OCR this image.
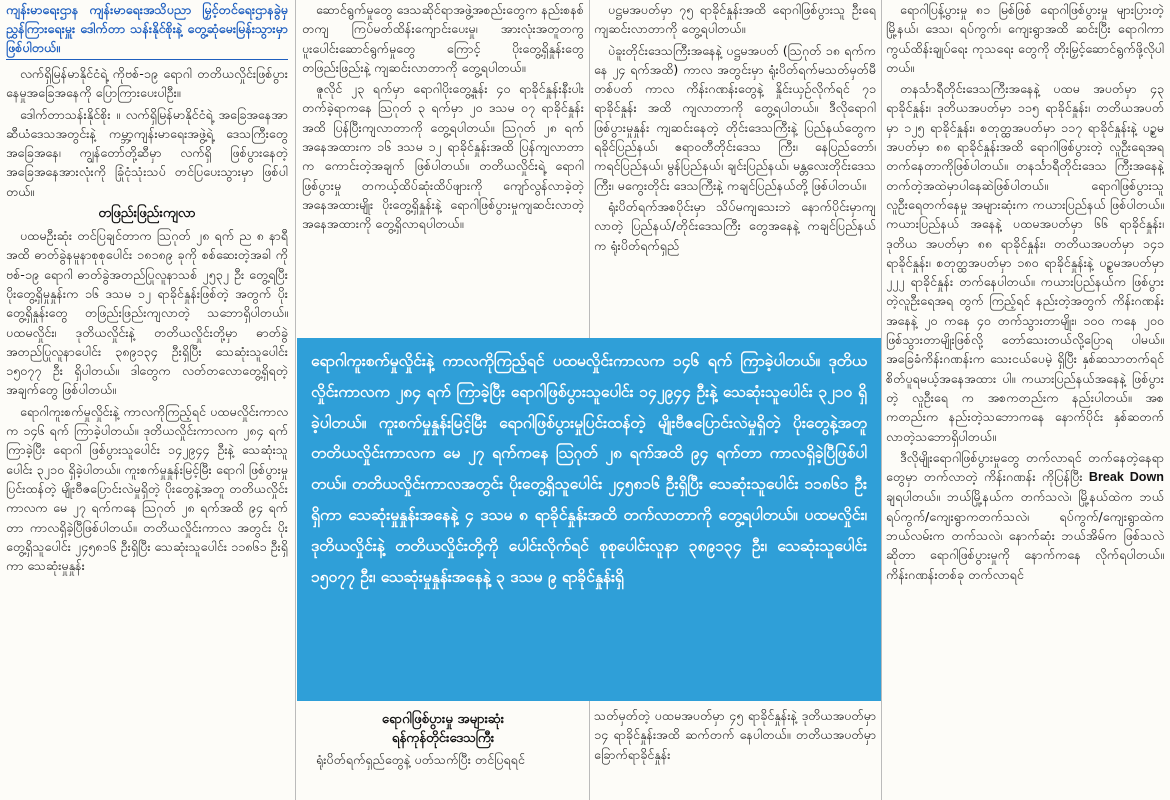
ကျန်းမာရေးဌာန ကျန်းမာရေးအသိပညာ မြှင့်တင်ရေးဌာနခွဲမှ ညွှန်ကြားရေးမှူး ဒေါက်တာ သန်းနိုင်စိုးနဲ့ တွေ့ဆုံမေးမြန်းသွားမှာ ဖြစ်ပါတယ်။

လက်ရှိမြန်မာနိုင်ငံရဲ့ ကိုဗစ်-၁၉ ရောဂါ တတိယလှိုင်းဖြစ်ပွားနေမှုအခြေအနေကို ပြောကြားပေးပါဦး။

ဒေါက်တာသန်းနိုင်စိုး ။ လက်ရှိမြန်မာနိုင်ငံရဲ့ အခြေအနေအာဆီယံဒေသအတွင်းနဲ့ ကမ္ဘာ့ကျန်းမာရေးအဖွဲ့ရဲ့ ဒေသကြီးတွေအခြေအနေ၊ ကျွန်တော်တို့ဆီမှာ လက်ရှိ ဖြစ်ပွားနေတဲ့ အခြေအနေအားလုံးကို ခြုံငုံသုံးသပ် တင်ပြပေးသွားမှာ ဖြစ်ပါတယ်။

တဖြည်းဖြည်းကျလာ

ပထမဦးဆုံး တင်ပြချင်တာက ဩဂုတ် ၂၈ ရက် ည ၈ နာရီအထိ ဓာတ်ခွဲနမူနာစုစုပေါင်း ၁၈၁၈၉ ခုကို စစ်ဆေးတဲ့အခါ ကိုဗစ်-၁၉ ရောဂါ ဓာတ်ခွဲအတည်ပြုလူနာသစ် ၂၅၃၂ ဦး တွေ့ရပြီး ပိုးတွေ့ရှိမှုနှုန်းက ၁၆ ဒသမ ၁၂ ရာခိုင်နှုန်းဖြစ်တဲ့ အတွက် ပိုးတွေ့ရှိနှုန်းတွေ တဖြည်းဖြည်းကျလာတဲ့ သဘောရှိပါတယ်။ ပထမလှိုင်း၊ ဒုတိယလှိုင်းနဲ့ တတိယလှိုင်းတို့မှာ ဓာတ်ခွဲအတည်ပြုလူနာပေါင်း ၃၈၉၁၃၄ ဦးရှိပြီး သေဆုံးသူပေါင်း ၁၅၀၇၇ ဦး ရှိပါတယ်။ ဒါတွေက လတ်တလောတွေ့ရှိရတဲ့ အချက်တွေ ဖြစ်ပါတယ်။

ရောဂါကူးစက်မှုလှိုင်းနဲ့ ကာလကိုကြည့်ရင် ပထမလှိုင်းကာလက ၁၄၆ ရက် ကြာခဲ့ပါတယ်။ ဒုတိယလှိုင်းကာလက ၂၈၄ ရက် ကြာခဲ့ပြီး ရောဂါ ဖြစ်ပွားသူပေါင်း ၁၄၂၉၄၄ ဦးနဲ့ သေဆုံးသူပေါင်း ၃၂၁၀ ရှိခဲ့ပါတယ်။ ကူးစက်မှုနှုန်းမြင့်မြီး ရောဂါ ဖြစ်ပွားမှုပြင်းထန်တဲ့ မျိုးဗီဇပြောင်းလဲမှုရှိတဲ့ ပိုးတွေနဲ့အတူ တတိယလှိုင်းကာလက မေ ၂၇ ရက်ကနေ ဩဂုတ် ၂၈ ရက်အထိ ၉၄ ရက်တာ ကာလရှိခဲ့ပြီဖြစ်ပါတယ်။ တတိယလှိုင်းကာလ အတွင်း ပိုးတွေ့ရှိသူပေါင်း ၂၄၅၈၁၆ ဦးရှိပြီး သေဆုံးသူပေါင်း ၁၁၈၆၁ ဦးရှိကာ သေဆုံးမှုနှုန်း

ဆောင်ရွက်မှုတွေ ဒေသဆိုင်ရာအဖွဲ့အစည်းတွေက နည်းစနစ်တကျ ကြပ်မတ်ထိန်းကျောင်းပေးမှု၊ အားလုံးအတူတကွ ပူးပေါင်းဆောင်ရွက်မှုတွေ ကြောင့် ပိုးတွေ့ရှိနှုန်းတွေ တဖြည်းဖြည်းနဲ့ ကျဆင်းလာတာကို တွေ့ရပါတယ်။

ဇူလိုင် ၂၃ ရက်မှာ ရောဂါပိုးတွေ့နှုန်း ၄၀ ရာခိုင်နှုန်းနီးပါး တက်ခဲ့ရာကနေ ဩဂုတ် ၃ ရက်မှာ ၂၀ ဒသမ ၀၇ ရာခိုင်နှုန်းအထိ ပြန်ပြီးကျလာတာကို တွေ့ရပါတယ်။ ဩဂုတ် ၂၈ ရက် အနေအထားက ၁၆ ဒသမ ၁၂ ရာခိုင်နှုန်းအထိ ပြန်ကျလာတာက ကောင်းတဲ့အချက် ဖြစ်ပါတယ်။ တတိယလှိုင်းရဲ့ ရောဂါဖြစ်ပွားမှု တကယ့်ထိပ်ဆုံးထိပ်ဖျားကို ကျော်လွန်လာခဲ့တဲ့ အနေအထားမျိုး ပိုးတွေ့ရှိနှုန်းနဲ့ ရောဂါဖြစ်ပွားမှုကျဆင်းလာတဲ့ အနေအထားကို တွေ့ရှိလာရပါတယ်။

ပဋ္ဌမအပတ်မှာ ၇၅ ရာခိုင်နှုန်းအထိ ရောဂါဖြစ်ပွားသူ ဦးရေ ကျဆင်းလာတာကို တွေ့ရပါတယ်။

ပဲခူးတိုင်းဒေသကြီးအနေနဲ့ ပဋ္ဌမအပတ် (ဩဂုတ် ၁၈ ရက်ကနေ ၂၄ ရက်အထိ) ကာလ အတွင်းမှာ ရုံးပိတ်ရက်မသတ်မှတ်မီ တစ်ပတ် ကာလ ကိန်းဂဏန်းတွေနဲ့ နှိုင်းယှဉ်လိုက်ရင် ၇၁ ရာခိုင်နှုန်း အထိ ကျလာတာကို တွေ့ရပါတယ်။ ဒီလိုရောဂါ ဖြစ်ပွားမှုနှုန်း ကျဆင်းနေတဲ့ တိုင်းဒေသကြီးနဲ့ ပြည်နယ်တွေက ရခိုင်ပြည်နယ်၊ ဧရာဝတီတိုင်းဒေသ ကြီး၊ နေပြည်တော်၊ ကရင်ပြည်နယ်၊ မွန်ပြည်နယ်၊ ချင်းပြည်နယ်၊ မန္တလေးတိုင်းဒေသကြီး၊ မကွေးတိုင်း ဒေသကြီးနဲ့ ကချင်ပြည်နယ်တို့ ဖြစ်ပါတယ်။

ရုံးပိတ်ရက်အစပိုင်းမှာ သိပ်မကျသေးဘဲ နောက်ပိုင်းမှာကျလာတဲ့ ပြည်နယ်/တိုင်းဒေသကြီး တွေအနေနဲ့ ကချင်ပြည်နယ်က ရုံးပိတ်ရက်ရှည်

ရောဂါပြန့်ပွားမှု ၈၁ မြစ်ဖြစ် ရောဂါဖြစ်ပွားမှု များပြားတဲ့ မြို့နယ်၊ ဒေသ၊ ရပ်ကွက်၊ ကျေးရွာအထိ ဆင်းပြီး ရောဂါကာကွယ်ထိန်းချုပ်ရေး ကုသရေး တွေကို တိုးမြှင့်ဆောင်ရွက်ဖို့လိုပါတယ်။

တနင်္သာရီတိုင်းဒေသကြီးအနေနဲ့ ပထမ အပတ်မှာ ၄၃ ရာခိုင်နှုန်း၊ ဒုတိယအပတ်မှာ ၁၁၅ ရာခိုင်နှုန်း၊ တတိယအပတ်မှာ ၁၂၅ ရာခိုင်နှုန်း၊ စတုတ္ထအပတ်မှာ ၁၁၇ ရာခိုင်နှုန်းနဲ့ ပဉ္စမအပတ်မှာ ၈၈ ရာခိုင်နှုန်းအထိ ရောဂါဖြစ်ပွားတဲ့ လူဦးရေအရ တက်နေတာကိုဖြစ်ပါတယ်။ တနင်္သာရီတိုင်းဒေသ ကြီးအနေနဲ့ တက်တဲ့အထဲမှာပါနေဆဲဖြစ်ပါတယ်။ ရောဂါဖြစ်ပွားသူ လူဦးရေတက်နေမှု အများဆုံးက ကယားပြည်နယ် ဖြစ်ပါတယ်။ ကယားပြည်နယ် အနေနဲ့ ပထမအပတ်မှာ ၆၆ ရာခိုင်နှုန်း၊ ဒုတိယ အပတ်မှာ ၈၈ ရာခိုင်နှုန်း၊ တတိယအပတ်မှာ ၁၄၁ ရာခိုင်နှုန်း၊ စတုတ္ထအပတ်မှာ ၁၈၀ ရာခိုင်နှုန်းနဲ့ ပဉ္စမအပတ်မှာ ၂၂၂ ရာခိုင်နှုန်း တက်နေပါတယ်။ ကယားပြည်နယ်က ဖြစ်ပွားတဲ့လူဦးရေအရ တွက် ကြည့်ရင် နည်းတဲ့အတွက် ကိန်းဂဏန်းအနေနဲ့ ၂၀ ကနေ ၄၀ တက်သွားတာမျိုး၊ ၁၀၀ ကနေ ၂၀၀ ဖြစ်သွားတာမျိုးဖြစ်လို့ တော်သေးတယ်လို့ပြောရ ပါမယ်။ အခြေခံကိန်းဂဏန်းက သေးငယ်ပေမဲ့ ရှိပြီး နှစ်ဆသာတက်ရင် စိတ်ပူရမယ့်အနေအထား ပါ။ ကယားပြည်နယ်အနေနဲ့ ဖြစ်ပွားတဲ့ လူဦးရေ က အစကတည်းက နည်းပါတယ်။ အစကတည်းက နည်းတဲ့သဘောကနေ နောက်ပိုင်း နှစ်ဆတက် လာတဲ့သဘောရှိပါတယ်။

ဒီလိုမျိုးရောဂါဖြစ်ပွားမှုတွေ တက်လာရင် တက်နေတဲ့နေရာတွေမှာ တက်လာတဲ့ ကိန်းဂဏန်း ကိုပြန်ပြီး Break Down ချရပါတယ်။ ဘယ်မြို့နယ်က တက်သလဲ၊ မြို့နယ်ထဲက ဘယ်ရပ်ကွက်/ကျေးရွာကတက်သလဲ၊ ရပ်ကွက်/ကျေးရွာထဲက ဘယ်လမ်းက တက်သလဲ၊ နောက်ဆုံး ဘယ်အိမ်က ဖြစ်သလဲဆိုတာ ရောဂါဖြစ်ပွားမှုကို နောက်ကနေ လိုက်ရပါတယ်။ ကိန်းဂဏန်းတစ်ခု တက်လာရင်

ရောဂါကူးစက်မှုလှိုင်းနဲ့ ကာလကိုကြည့်ရင် ပထမလှိုင်းကာလက ၁၄၆ ရက် ကြာခဲ့ပါတယ်။ ဒုတိယလှိုင်းကာလက ၂၈၄ ရက် ကြာခဲ့ပြီး ရောဂါဖြစ်ပွားသူပေါင်း ၁၄၂၉၄၄ ဦးနဲ့ သေဆုံးသူပေါင်း ၃၂၁၀ ရှိခဲ့ပါတယ်။ ကူးစက်မှုနှုန်းမြင့်မြီး ရောဂါဖြစ်ပွားမှုပြင်းထန်တဲ့ မျိုးဗီဇပြောင်းလဲမှုရှိတဲ့ ပိုးတွေနဲ့အတူ တတိယလှိုင်းကာလက မေ ၂၇ ရက်ကနေ ဩဂုတ် ၂၈ ရက်အထိ ၉၄ ရက်တာ ကာလရှိခဲ့ပြီဖြစ်ပါတယ်။ တတိယလှိုင်းကာလအတွင်း ပိုးတွေ့ရှိသူပေါင်း ၂၄၅၈၁၆ ဦးရှိပြီး သေဆုံးသူပေါင်း ၁၁၈၆၁ ဦးရှိကာ သေဆုံးမှုနှုန်းအနေနဲ့ ၄ ဒသမ ၈ ရာခိုင်နှုန်းအထိ တက်လာတာကို တွေ့ရပါတယ်။ ပထမလှိုင်း၊ ဒုတိယလှိုင်းနဲ့ တတိယလှိုင်းတို့ကို ပေါင်းလိုက်ရင် စုစုပေါင်းလူနာ ၃၈၉၁၃၄ ဦး၊ သေဆုံးသူပေါင်း ၁၅၀၇၇ ဦး၊ သေဆုံးမှုနှုန်းအနေနဲ့ ၃ ဒသမ ၉ ရာခိုင်နှုန်းရှိ
ရောဂါဖြစ်ပွားမှု အများဆုံး
ရန်ကုန်တိုင်းဒေသကြီး

ရုံးပိတ်ရက်ရှည်တွေနဲ့ ပတ်သက်ပြီး တင်ပြရရင်

သတ်မှတ်တဲ့ ပထမအပတ်မှာ ၄၅ ရာခိုင်နှုန်းနဲ့ ဒုတိယအပတ်မှာ ၁၄ ရာခိုင်နှုန်းအထိ ဆက်တက် နေပါတယ်။ တတိယအပတ်မှာ ခြောက်ရာခိုင်နှုန်း
